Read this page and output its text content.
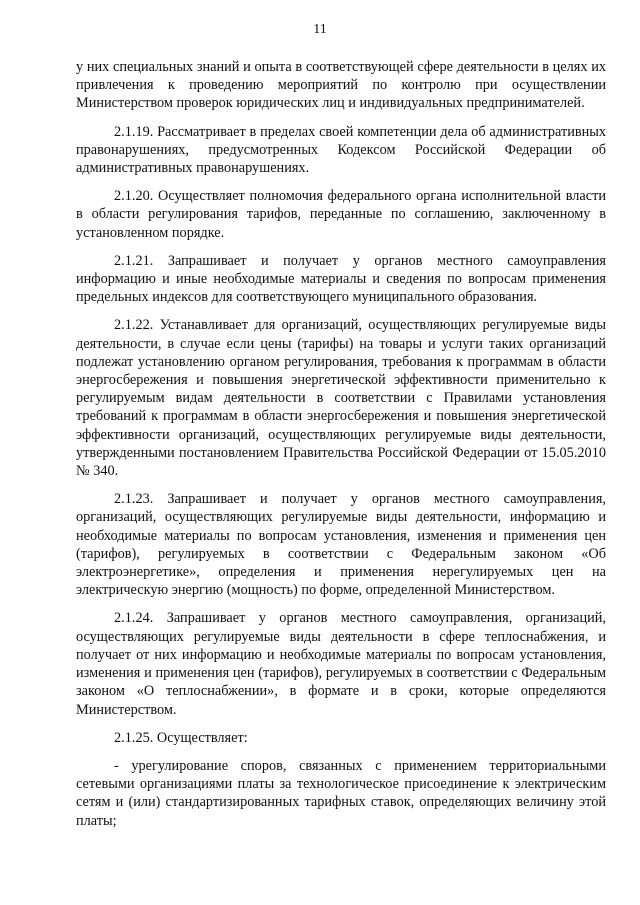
11

у них специальных знаний и опыта в соответствующей сфере деятельности в целях их привлечения к проведению мероприятий по контролю при осуществлении Министерством проверок юридических лиц и индивидуальных предпринимателей.

2.1.19. Рассматривает в пределах своей компетенции дела об административных правонарушениях, предусмотренных Кодексом Российской Федерации об административных правонарушениях.

2.1.20. Осуществляет полномочия федерального органа исполнительной власти в области регулирования тарифов, переданные по соглашению, заключенному в установленном порядке.

2.1.21. Запрашивает и получает у органов местного самоуправления информацию и иные необходимые материалы и сведения по вопросам применения предельных индексов для соответствующего муниципального образования.

2.1.22. Устанавливает для организаций, осуществляющих регулируемые виды деятельности, в случае если цены (тарифы) на товары и услуги таких организаций подлежат установлению органом регулирования, требования к программам в области энергосбережения и повышения энергетической эффективности применительно к регулируемым видам деятельности в соответствии с Правилами установления требований к программам в области энергосбережения и повышения энергетической эффективности организаций, осуществляющих регулируемые виды деятельности, утвержденными постановлением Правительства Российской Федерации от 15.05.2010 № 340.

2.1.23. Запрашивает и получает у органов местного самоуправления, организаций, осуществляющих регулируемые виды деятельности, информацию и необходимые материалы по вопросам установления, изменения и применения цен (тарифов), регулируемых в соответствии с Федеральным законом «Об электроэнергетике», определения и применения нерегулируемых цен на электрическую энергию (мощность) по форме, определенной Министерством.

2.1.24. Запрашивает у органов местного самоуправления, организаций, осуществляющих регулируемые виды деятельности в сфере теплоснабжения, и получает от них информацию и необходимые материалы по вопросам установления, изменения и применения цен (тарифов), регулируемых в соответствии с Федеральным законом «О теплоснабжении», в формате и в сроки, которые определяются Министерством.

2.1.25. Осуществляет:

- урегулирование споров, связанных с применением территориальными сетевыми организациями платы за технологическое присоединение к электрическим сетям и (или) стандартизированных тарифных ставок, определяющих величину этой платы;
